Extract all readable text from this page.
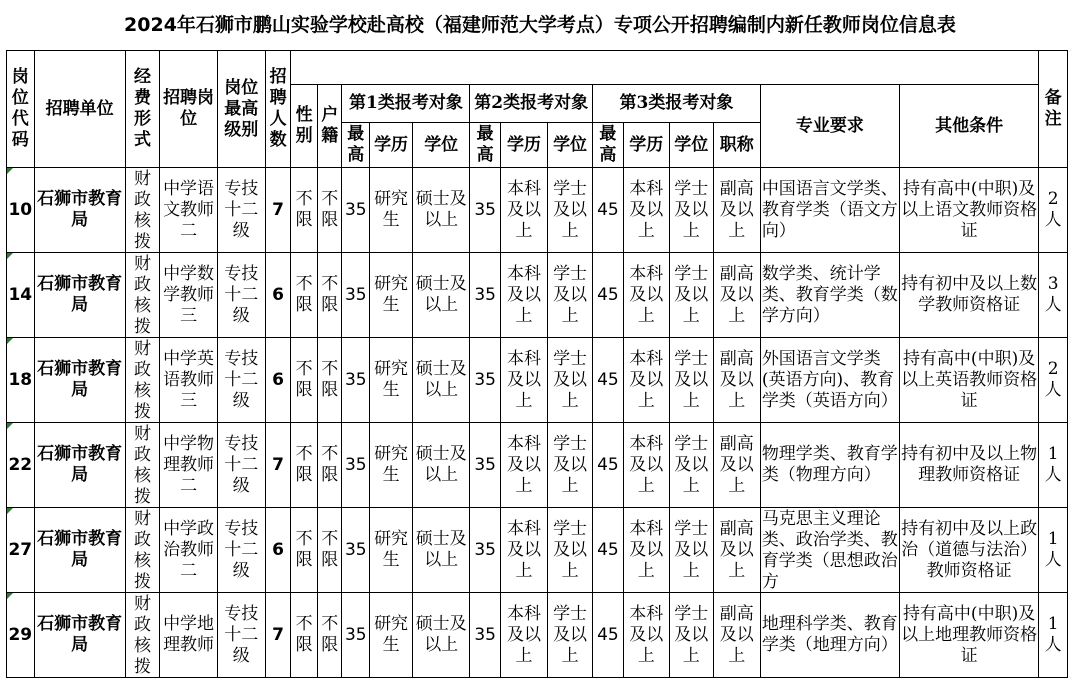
2024年石狮市鹏山实验学校赴高校（福建师范大学考点）专项公开招聘编制内新任教师岗位信息表
岗位代码	招聘单位	经费形式	招聘岗位	岗位最高级别	招聘人数															备注
						性别	户籍	第1类报考对象			第2类报考对象			第3类报考对象				专业要求	其他条件	
								最高	学历	学位	最高	学历	学位	最高	学历	学位	职称			
10	石狮市教育局	财政核拨	中学语文教师二	专技十二级	7	不限	不限	35	研究生	硕士及以上	35	本科及以上	学士及以上	45	本科及以上	学士及以上	副高及以上	中国语言文学类、教育学类（语文方向）	持有高中(中职)及以上语文教师资格证	2人
14	石狮市教育局	财政核拨	中学数学教师三	专技十二级	6	不限	不限	35	研究生	硕士及以上	35	本科及以上	学士及以上	45	本科及以上	学士及以上	副高及以上	数学类、统计学类、教育学类（数学方向）	持有初中及以上数学教师资格证	3人
18	石狮市教育局	财政核拨	中学英语教师三	专技十二级	6	不限	不限	35	研究生	硕士及以上	35	本科及以上	学士及以上	45	本科及以上	学士及以上	副高及以上	外国语言文学类(英语方向)、教育学类（英语方向）	持有高中(中职)及以上英语教师资格证	2人
22	石狮市教育局	财政核拨	中学物理教师二	专技十二级	7	不限	不限	35	研究生	硕士及以上	35	本科及以上	学士及以上	45	本科及以上	学士及以上	副高及以上	物理学类、教育学类（物理方向）	持有初中及以上物理教师资格证	1人
27	石狮市教育局	财政核拨	中学政治教师二	专技十二级	6	不限	不限	35	研究生	硕士及以上	35	本科及以上	学士及以上	45	本科及以上	学士及以上	副高及以上	马克思主义理论类、政治学类、教育学类（思想政治方	持有初中及以上政治（道德与法治）教师资格证	1人
29	石狮市教育局	财政核拨	中学地理教师	专技十二级	7	不限	不限	35	研究生	硕士及以上	35	本科及以上	学士及以上	45	本科及以上	学士及以上	副高及以上	地理科学类、教育学类（地理方向）	持有高中(中职)及以上地理教师资格证	1人
